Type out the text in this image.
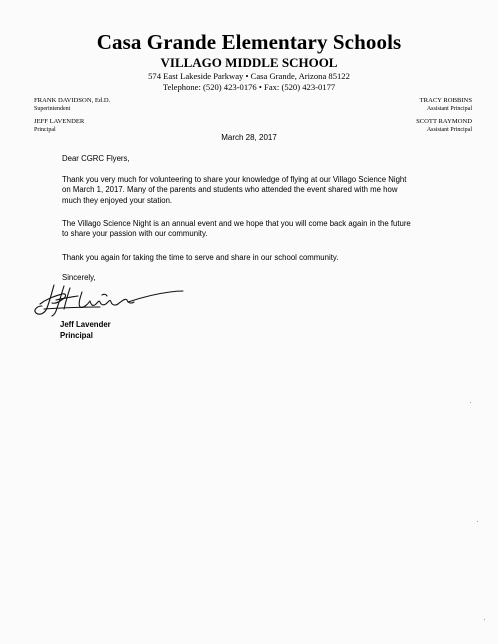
Casa Grande Elementary Schools
VILLAGO MIDDLE SCHOOL
574 East Lakeside Parkway • Casa Grande, Arizona 85122
Telephone: (520) 423-0176 • Fax: (520) 423-0177
FRANK DAVIDSON, Ed.D.
Superintendent
JEFF LAVENDER
Principal
TRACY ROBBINS
Assistant Principal
SCOTT RAYMOND
Assistant Principal
March 28, 2017
Dear CGRC Flyers,
Thank you very much for volunteering to share your knowledge of flying at our Villago Science Night
on March 1, 2017. Many of the parents and students who attended the event shared with me how
much they enjoyed your station.
The Villago Science Night is an annual event and we hope that you will come back again in the future
to share your passion with our community.
Thank you again for taking the time to serve and share in our school community.
Sincerely,
Jeff Lavender
Principal
